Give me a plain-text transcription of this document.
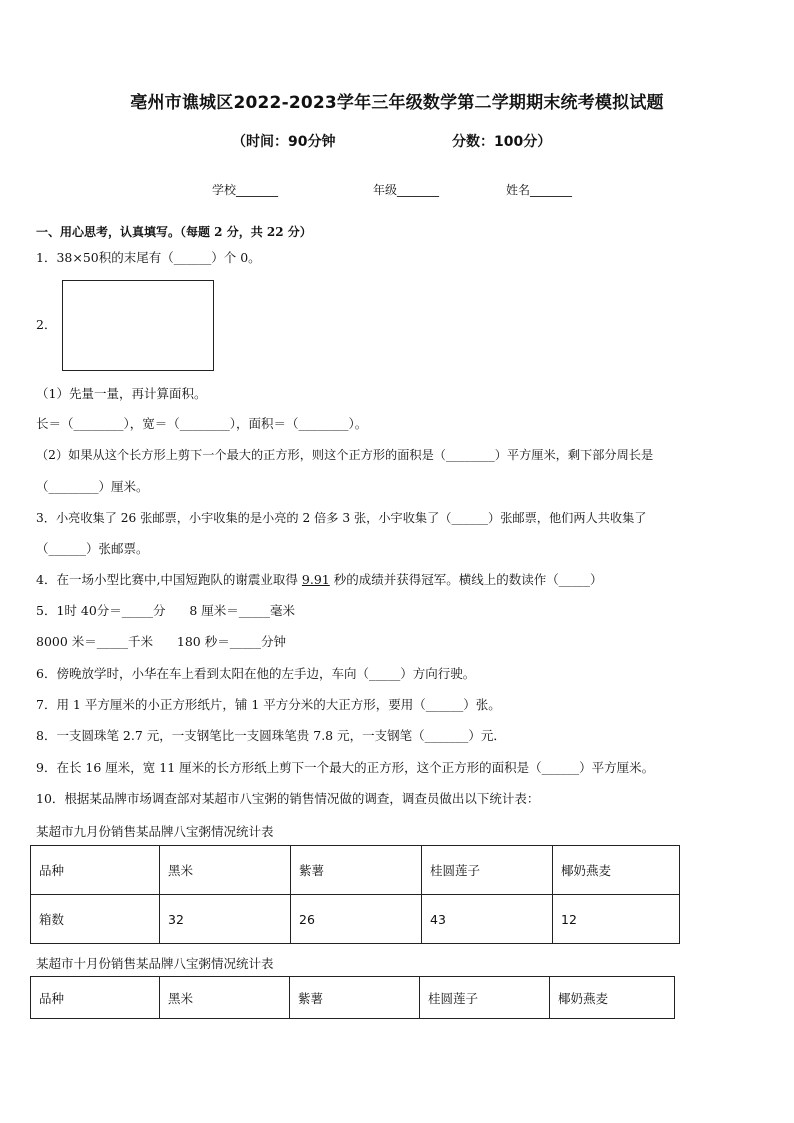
亳州市谯城区2022-2023学年三年级数学第二学期期末统考模拟试题
（时间：90分钟	分数：100分）
学校_______	年级_______	姓名_______
一、用心思考，认真填写。（每题 2 分，共 22 分）
1．38×50积的末尾有（______）个 0。
2．
（1）先量一量，再计算面积。
长＝（________），宽＝（________），面积＝（________）。
（2）如果从这个长方形上剪下一个最大的正方形，则这个正方形的面积是（________）平方厘米，剩下部分周长是
（________）厘米。
3．小亮收集了 26 张邮票，小宇收集的是小亮的 2 倍多 3 张，小宇收集了（______）张邮票，他们两人共收集了
（______）张邮票。
4．在一场小型比赛中,中国短跑队的谢震业取得 9.91 秒的成绩并获得冠军。横线上的数读作（_____）
5．1时 40分＝_____分      8 厘米＝_____毫米
8000 米＝_____千米      180 秒＝_____分钟
6．傍晚放学时，小华在车上看到太阳在他的左手边，车向（_____）方向行驶。
7．用 1 平方厘米的小正方形纸片，铺 1 平方分米的大正方形，要用（______）张。
8．一支圆珠笔 2.7 元，一支钢笔比一支圆珠笔贵 7.8 元，一支钢笔（_______）元．
9．在长 16 厘米，宽 11 厘米的长方形纸上剪下一个最大的正方形，这个正方形的面积是（______）平方厘米。
10．根据某品牌市场调查部对某超市八宝粥的销售情况做的调查，调查员做出以下统计表：
某超市九月份销售某品牌八宝粥情况统计表
品种	黑米	紫薯	桂圆莲子	椰奶燕麦
箱数	32	26	43	12
某超市十月份销售某品牌八宝粥情况统计表
品种	黑米	紫薯	桂圆莲子	椰奶燕麦
